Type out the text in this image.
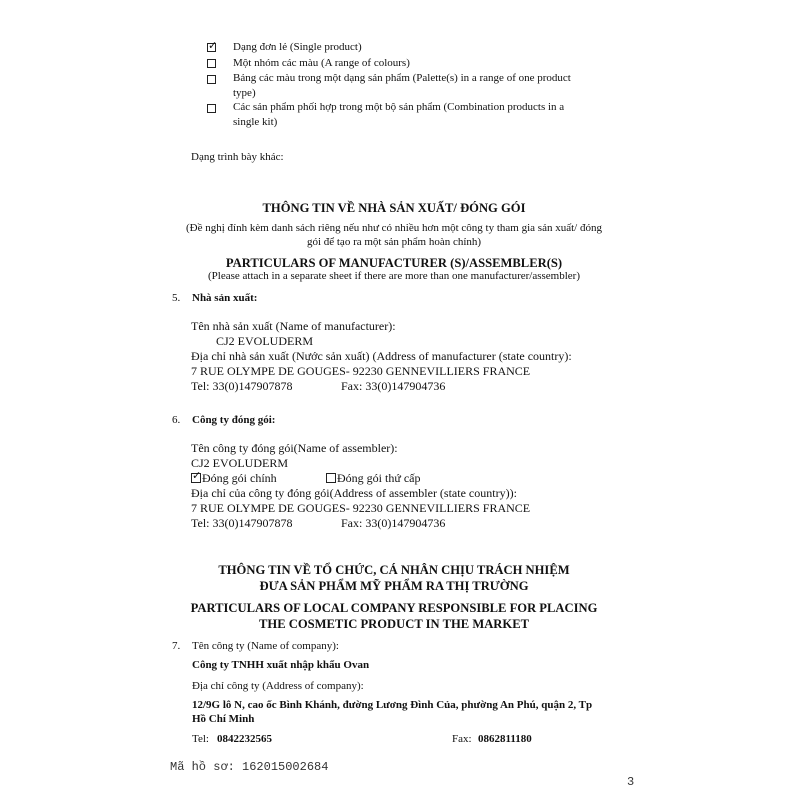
✓
Dạng đơn lẻ (Single product)
Một nhóm các màu (A range of colours)
Bảng các màu trong một dạng sản phẩm (Palette(s) in a range of one product
type)
Các sản phẩm phối hợp trong một bộ sản phẩm (Combination products in a
single kit)
Dạng trình bày khác:
THÔNG TIN VỀ NHÀ SẢN XUẤT/ ĐÓNG GÓI
(Đề nghị đính kèm danh sách riêng nếu như có nhiều hơn một công ty tham gia sản xuất/ đóng
gói để tạo ra một sản phẩm hoàn chỉnh)
PARTICULARS OF MANUFACTURER (S)/ASSEMBLER(S)
(Please attach in a separate sheet if there are more than one manufacturer/assembler)
5. Nhà sản xuất:
Tên nhà sản xuất (Name of manufacturer):
CJ2 EVOLUDERM
Địa chỉ nhà sản xuất (Nước sản xuất) (Address of manufacturer (state country):
7 RUE OLYMPE DE GOUGES- 92230 GENNEVILLIERS FRANCE
Tel: 33(0)147907878	Fax: 33(0)147904736
6. Công ty đóng gói:
Tên công ty đóng gói(Name of assembler):
CJ2 EVOLUDERM
✓Đóng gói chính	Đóng gói thứ cấp
Địa chỉ của công ty đóng gói(Address of assembler (state country)):
7 RUE OLYMPE DE GOUGES- 92230 GENNEVILLIERS FRANCE
Tel: 33(0)147907878	Fax: 33(0)147904736
THÔNG TIN VỀ TỔ CHỨC, CÁ NHÂN CHỊU TRÁCH NHIỆM
ĐƯA SẢN PHẨM MỸ PHẨM RA THỊ TRƯỜNG
PARTICULARS OF LOCAL COMPANY RESPONSIBLE FOR PLACING
THE COSMETIC PRODUCT IN THE MARKET
7. Tên công ty (Name of company):
Công ty TNHH xuất nhập khẩu Ovan
Địa chỉ công ty (Address of company):
12/9G lô N, cao ốc Bình Khánh, đường Lương Đình Của, phường An Phú, quận 2, Tp
Hồ Chí Minh
Tel: 0842232565	Fax: 0862811180
Mã hồ sơ: 162015002684
3
